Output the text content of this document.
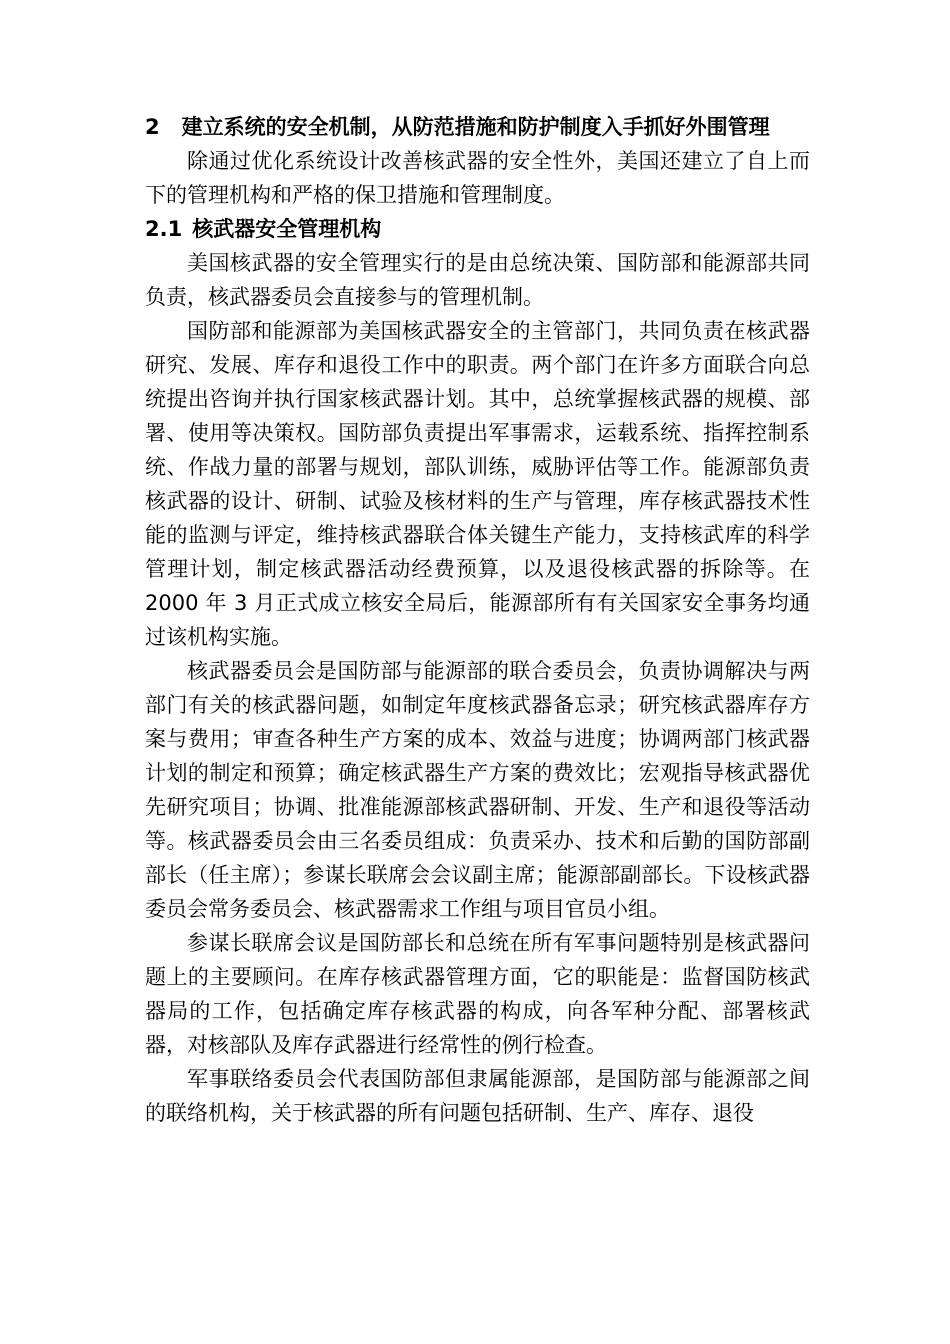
2 建立系统的安全机制，从防范措施和防护制度入手抓好外围管理

除通过优化系统设计改善核武器的安全性外，美国还建立了自上而下的管理机构和严格的保卫措施和管理制度。

2.1 核武器安全管理机构

美国核武器的安全管理实行的是由总统决策、国防部和能源部共同负责，核武器委员会直接参与的管理机制。

国防部和能源部为美国核武器安全的主管部门，共同负责在核武器研究、发展、库存和退役工作中的职责。两个部门在许多方面联合向总统提出咨询并执行国家核武器计划。其中，总统掌握核武器的规模、部署、使用等决策权。国防部负责提出军事需求，运载系统、指挥控制系统、作战力量的部署与规划，部队训练，威胁评估等工作。能源部负责核武器的设计、研制、试验及核材料的生产与管理，库存核武器技术性能的监测与评定，维持核武器联合体关键生产能力，支持核武库的科学管理计划，制定核武器活动经费预算，以及退役核武器的拆除等。在 2000 年 3 月正式成立核安全局后，能源部所有有关国家安全事务均通过该机构实施。

核武器委员会是国防部与能源部的联合委员会，负责协调解决与两部门有关的核武器问题，如制定年度核武器备忘录；研究核武器库存方案与费用；审查各种生产方案的成本、效益与进度；协调两部门核武器计划的制定和预算；确定核武器生产方案的费效比；宏观指导核武器优先研究项目；协调、批准能源部核武器研制、开发、生产和退役等活动等。核武器委员会由三名委员组成：负责采办、技术和后勤的国防部副部长（任主席）；参谋长联席会会议副主席；能源部副部长。下设核武器委员会常务委员会、核武器需求工作组与项目官员小组。

参谋长联席会议是国防部长和总统在所有军事问题特别是核武器问题上的主要顾问。在库存核武器管理方面，它的职能是：监督国防核武器局的工作，包括确定库存核武器的构成，向各军种分配、部署核武器，对核部队及库存武器进行经常性的例行检查。

军事联络委员会代表国防部但隶属能源部，是国防部与能源部之间的联络机构，关于核武器的所有问题包括研制、生产、库存、退役
